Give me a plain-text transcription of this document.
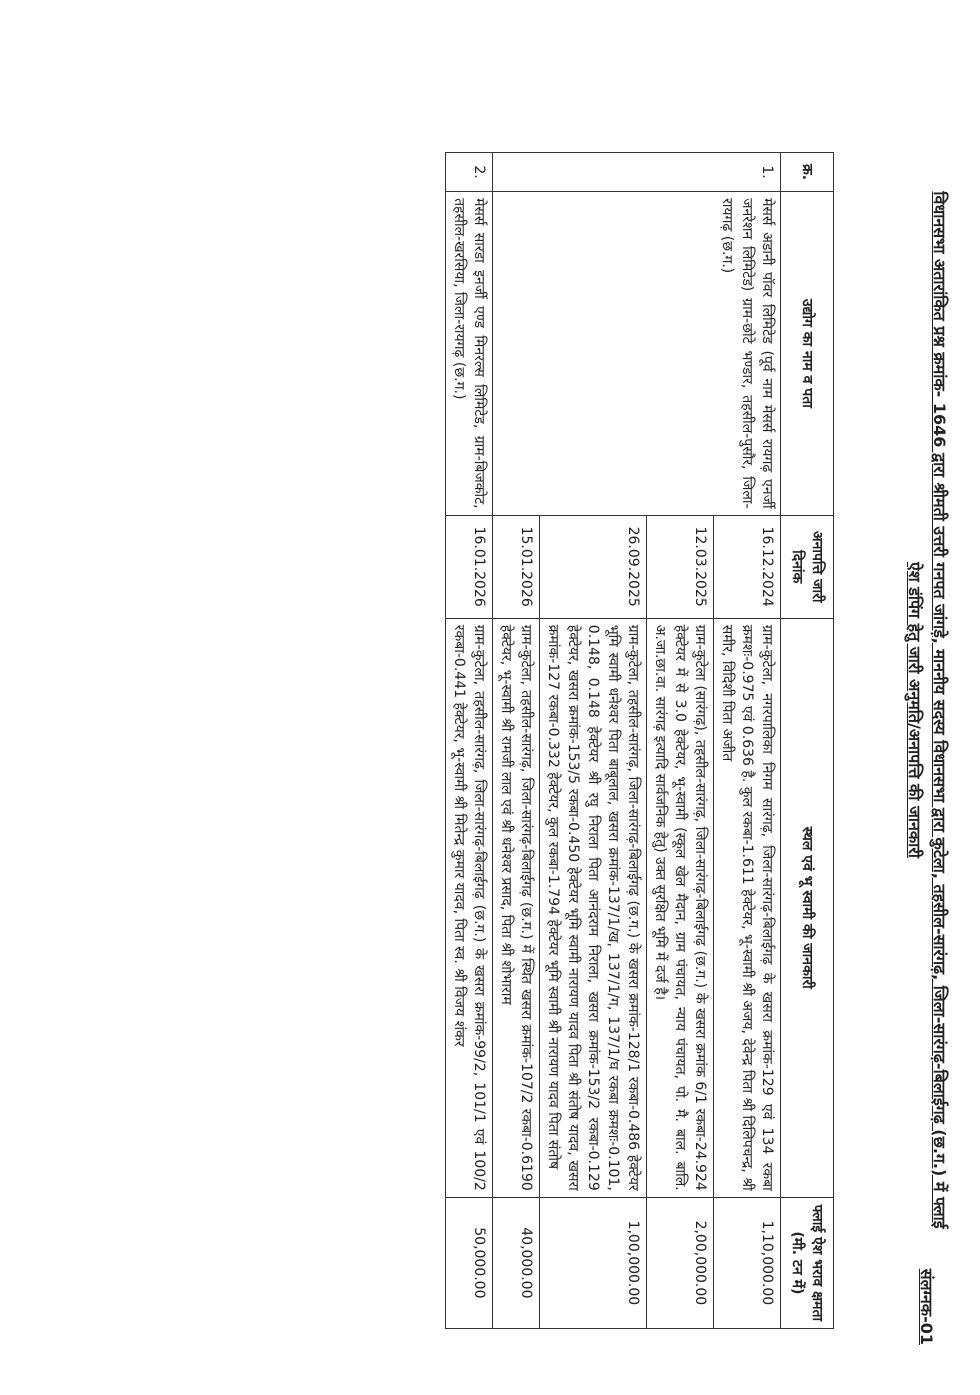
संलग्नक-01
विधानसभा अतारांकित प्रश्न क्रमांक- 1646 द्वारा श्रीमती उत्तरी गनपत जांगड़े, माननीय सदस्य विधानसभा द्वारा कुटेला, तहसील-सारंगढ़, जिला-सारंगढ़-बिलाईगढ़ (छ.ग.) में फ्लाई ऐश डंपिंग हेतु जारी अनुमति/अनापत्ति की जानकारी
क्र.	उद्योग का नाम व पता	अनापत्ति जारी दिनांक	स्थल एवं भू स्वामी की जानकारी	फ्लाई ऐश भराव क्षमता (मी. टन में)
1.	मेसर्स अडानी पॉवर लिमिटेड (पूर्व नाम मेसर्स रायगढ़ एनर्जी जनरेशन लिमिटेड) ग्राम-छोटे भण्डार, तहसील-पुसौर, जिला-रायगढ़ (छ.ग.)	16.12.2024	ग्राम-कुटेला, नगरपालिका निगम सारंगढ़, जिला-सारंगढ़-बिलाईगढ़ के खसरा क्रमांक-129 एवं 134 रकबा क्रमशः-0.975 एवं 0.636 है. कुल रकबा-1.611 हेक्टेयर, भू-स्वामी श्री अजय, देवेन्द्र पिता श्री दिलिपचन्द्र, श्री समीर, विदिशी पिता अजीत	1,10,000.00
		12.03.2025	ग्राम-कुटेला (सारंगढ़), तहसील-सारंगढ़, जिला-सारंगढ़-बिलाईगढ़ (छ.ग.) के खसरा क्रमांक 6/1 रकबा-24.924 हेक्टेयर में से 3.0 हेक्टेयर, भू-स्वामी (स्कूल खेल मैदान, ग्राम पंचायत, न्याय पंचायत, पो. मै. बाल. बालि. अ.जा.छा.वा. सारंगढ़ इत्यादि सार्वजनिक हेतु) उक्त सुरक्षित भूमि में दर्ज है।	2,00,000.00
		26.09.2025	ग्राम-कुटेला, तहसील-सारंगढ़, जिला-सारंगढ़-बिलाईगढ़ (छ.ग.) के खसरा क्रमांक-128/1 रकबा-0.486 हेक्टेयर भूमि स्वामी धनेश्वर पिता बाबूलाल, खसरा क्रमांक-137/1/ख, 137/1/ग, 137/1/घ रकबा क्रमशः-0.101, 0.148, 0.148 हेक्टेयर श्री रघु निराला पिता आनंदराम निराला, खसरा क्रमांक-153/2 रकबा-0.129 हेक्टेयर, खसरा क्रमांक-153/5 रकबा-0.450 हेक्टेयर भूमि स्वामी नारायण यादव पिता श्री संतोष यादव, खसरा क्रमांक-127 रकबा-0.332 हेक्टेयर, कुल रकबा-1.794 हेक्टेयर भूमि स्वामी श्री नारायण यादव पिता संतोष	1,00,000.00
		15.01.2026	ग्राम-कुटेला, तहसील-सारंगढ़, जिला-सारंगढ़-बिलाईगढ़ (छ.ग.) में स्थित खसरा क्रमांक-107/2 रकबा-0.6190 हेक्टेयर, भू-स्वामी श्री रामजी लाल एवं श्री धनेश्वर प्रसाद, पिता श्री शोभाराम	40,000.00
2.	मेसर्स सारडा इनर्जी एण्ड मिनरल्स लिमिटेड, ग्राम-बिजकोट, तहसील-खरसिया, जिला-रायगढ़ (छ.ग.)	16.01.2026	ग्राम-कुटेला, तहसील-सारंगढ़, जिला-सारंगढ़-बिलाईगढ़ (छ.ग.) के खसरा क्रमांक-99/2, 101/1 एवं 100/2 रकबा-0.441 हेक्टेयर, भू-स्वामी श्री मितेन्द्र कुमार यादव, पिता स्व. श्री विजय शंकर	50,000.00
